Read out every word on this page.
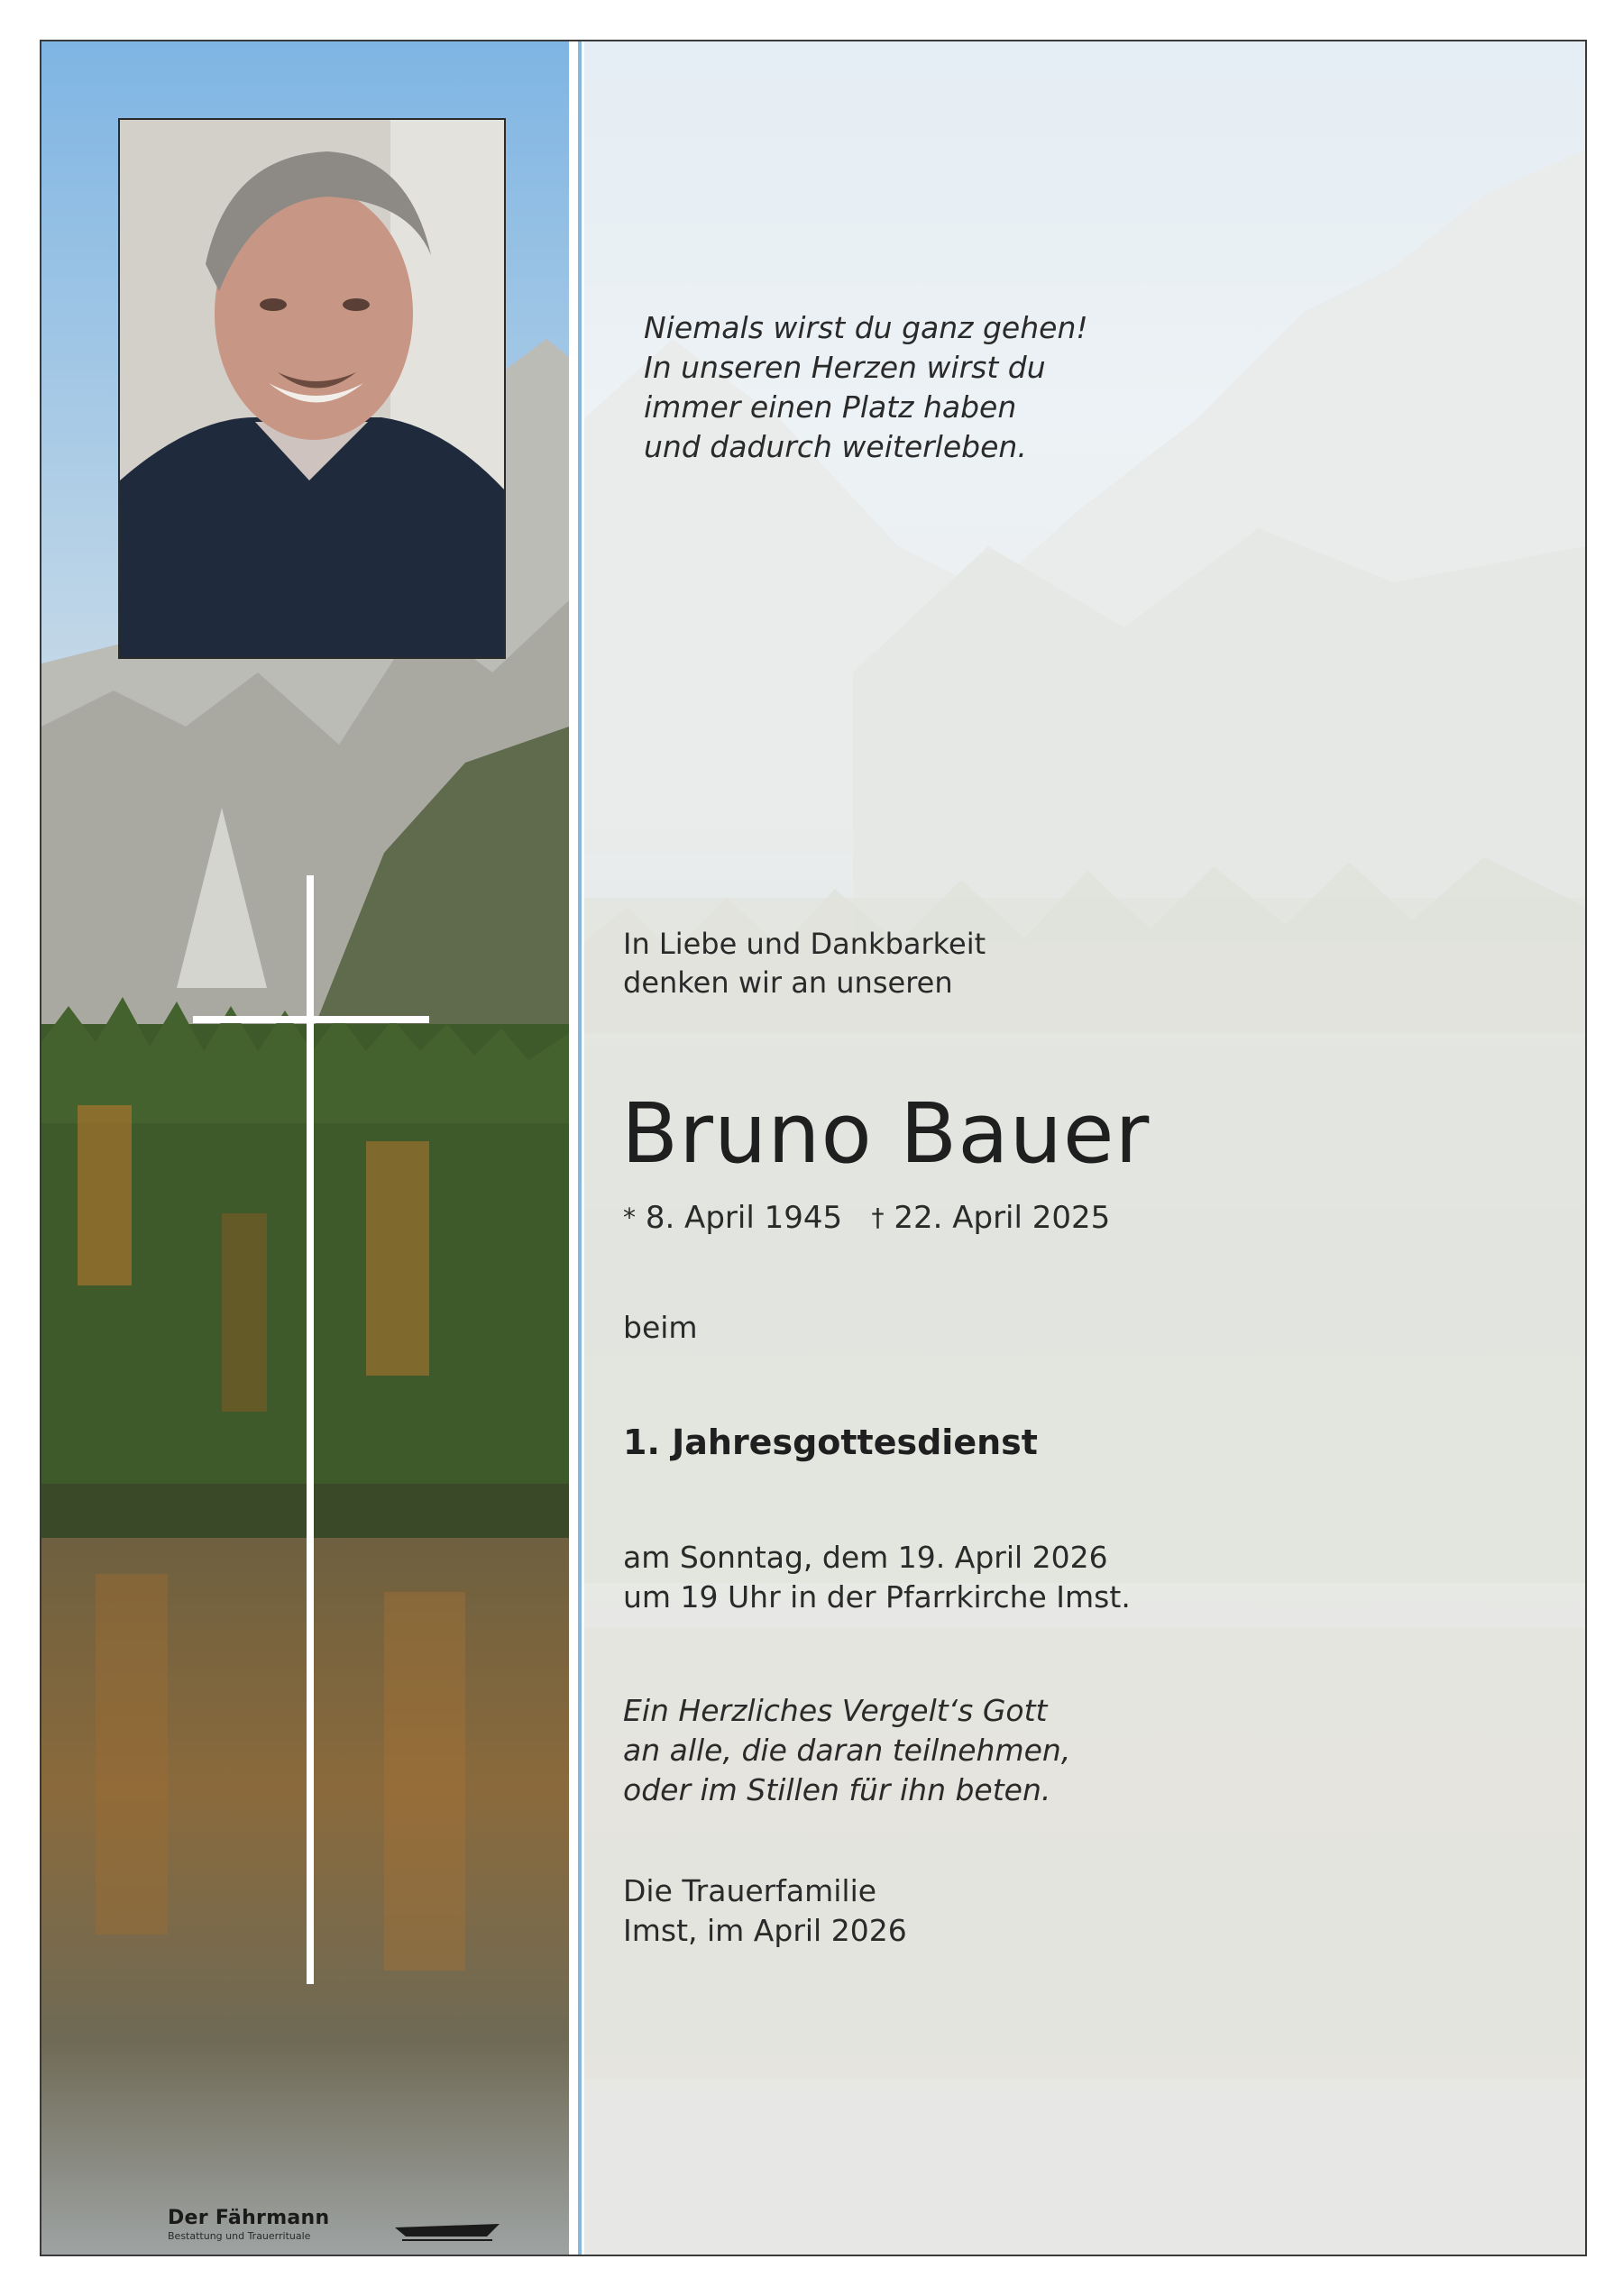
Der Fährmann
Bestattung und Trauerrituale
Niemals wirst du ganz gehen!
In unseren Herzen wirst du
immer einen Platz haben
und dadurch weiterleben.
In Liebe und Dankbarkeit
denken wir an unseren
Bruno Bauer
* 8. April 1945 † 22. April 2025
beim
1. Jahresgottesdienst
am Sonntag, dem 19. April 2026
um 19 Uhr in der Pfarrkirche Imst.
Ein Herzliches Vergelt‘s Gott
an alle, die daran teilnehmen,
oder im Stillen für ihn beten.
Die Trauerfamilie
Imst, im April 2026
